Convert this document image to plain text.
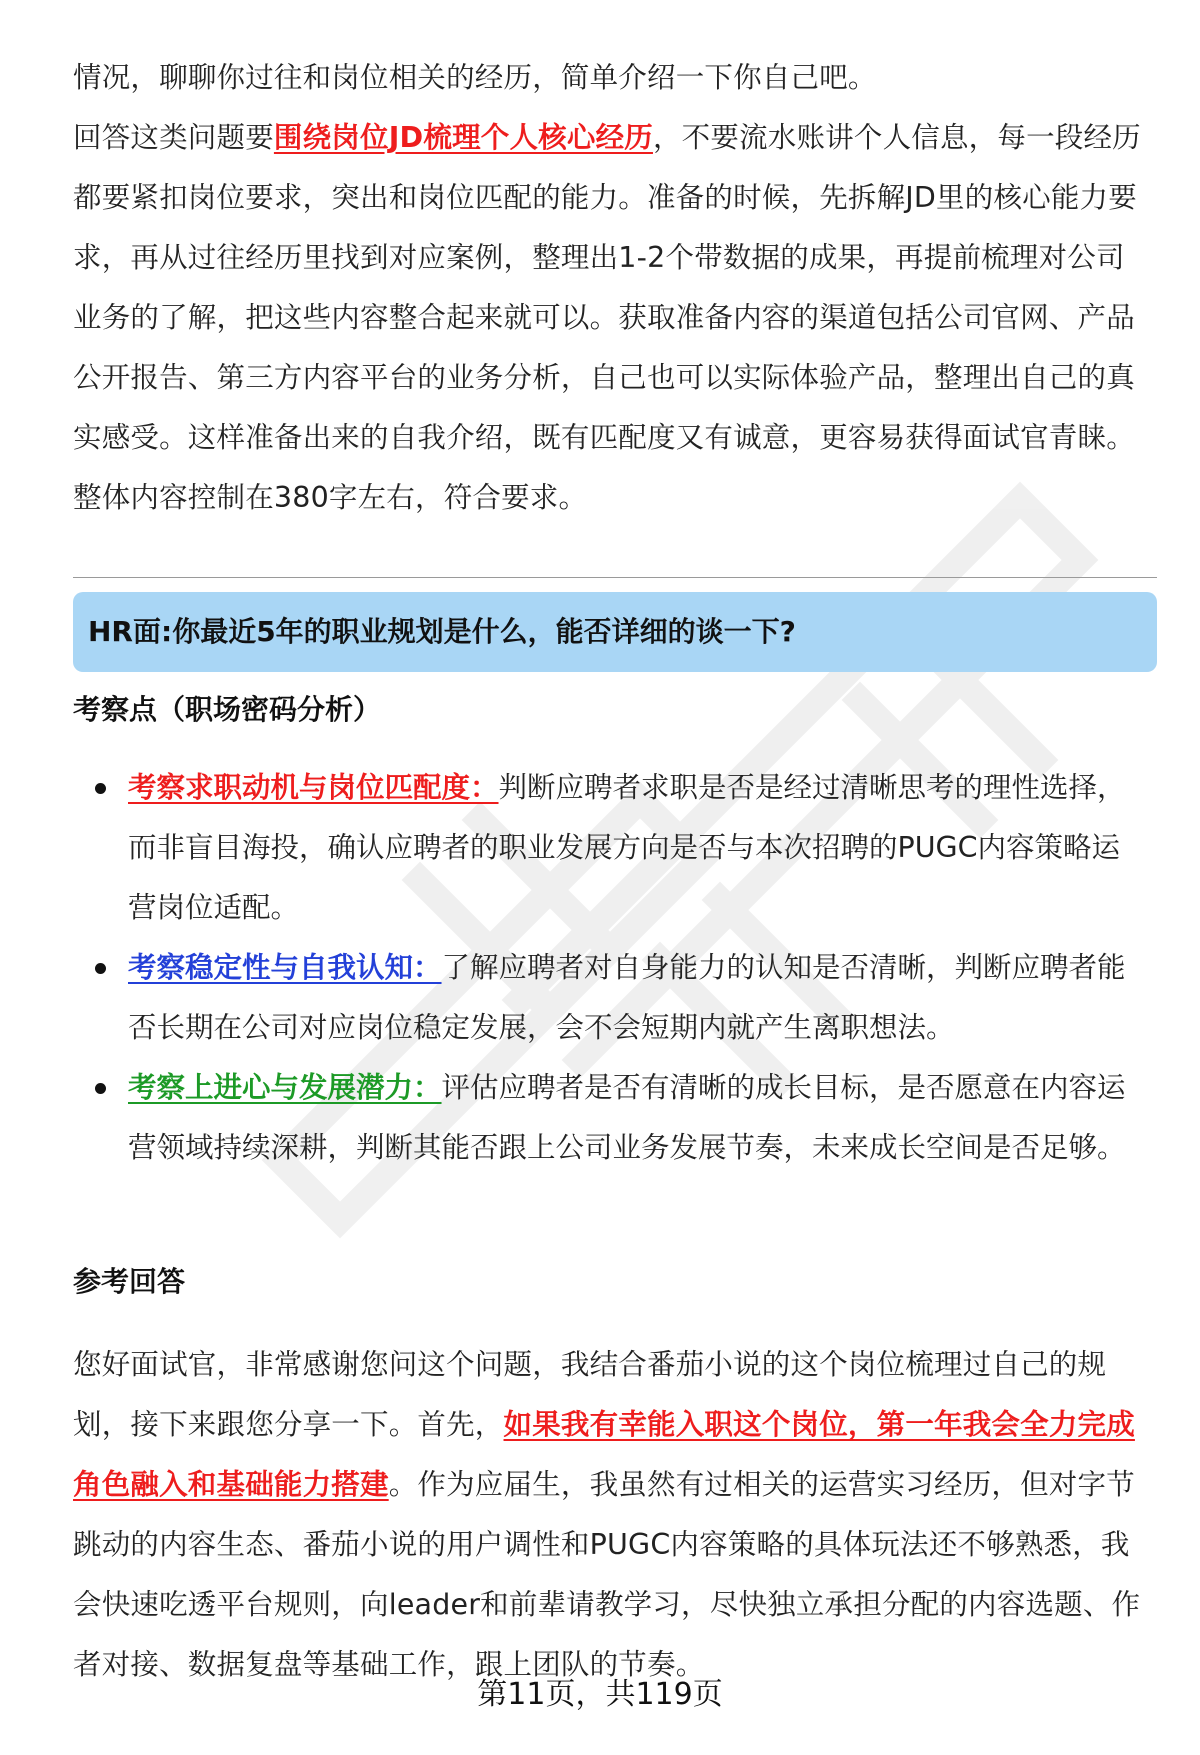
情况，聊聊你过往和岗位相关的经历，简单介绍一下你自己吧。

回答这类问题要围绕岗位JD梳理个人核心经历，不要流水账讲个人信息，每一段经历都要紧扣岗位要求，突出和岗位匹配的能力。准备的时候，先拆解JD里的核心能力要求，再从过往经历里找到对应案例，整理出1-2个带数据的成果，再提前梳理对公司业务的了解，把这些内容整合起来就可以。获取准备内容的渠道包括公司官网、产品公开报告、第三方内容平台的业务分析，自己也可以实际体验产品，整理出自己的真实感受。这样准备出来的自我介绍，既有匹配度又有诚意，更容易获得面试官青睐。整体内容控制在380字左右，符合要求。

HR面:你最近5年的职业规划是什么，能否详细的谈一下?

考察点（职场密码分析）

考察求职动机与岗位匹配度：判断应聘者求职是否是经过清晰思考的理性选择，而非盲目海投，确认应聘者的职业发展方向是否与本次招聘的PUGC内容策略运营岗位适配。

考察稳定性与自我认知：了解应聘者对自身能力的认知是否清晰，判断应聘者能否长期在公司对应岗位稳定发展，会不会短期内就产生离职想法。

考察上进心与发展潜力：评估应聘者是否有清晰的成长目标，是否愿意在内容运营领域持续深耕，判断其能否跟上公司业务发展节奏，未来成长空间是否足够。

参考回答

您好面试官，非常感谢您问这个问题，我结合番茄小说的这个岗位梳理过自己的规划，接下来跟您分享一下。首先，如果我有幸能入职这个岗位，第一年我会全力完成角色融入和基础能力搭建。作为应届生，我虽然有过相关的运营实习经历，但对字节跳动的内容生态、番茄小说的用户调性和PUGC内容策略的具体玩法还不够熟悉，我会快速吃透平台规则，向leader和前辈请教学习，尽快独立承担分配的内容选题、作者对接、数据复盘等基础工作，跟上团队的节奏。

第11页，共119页
